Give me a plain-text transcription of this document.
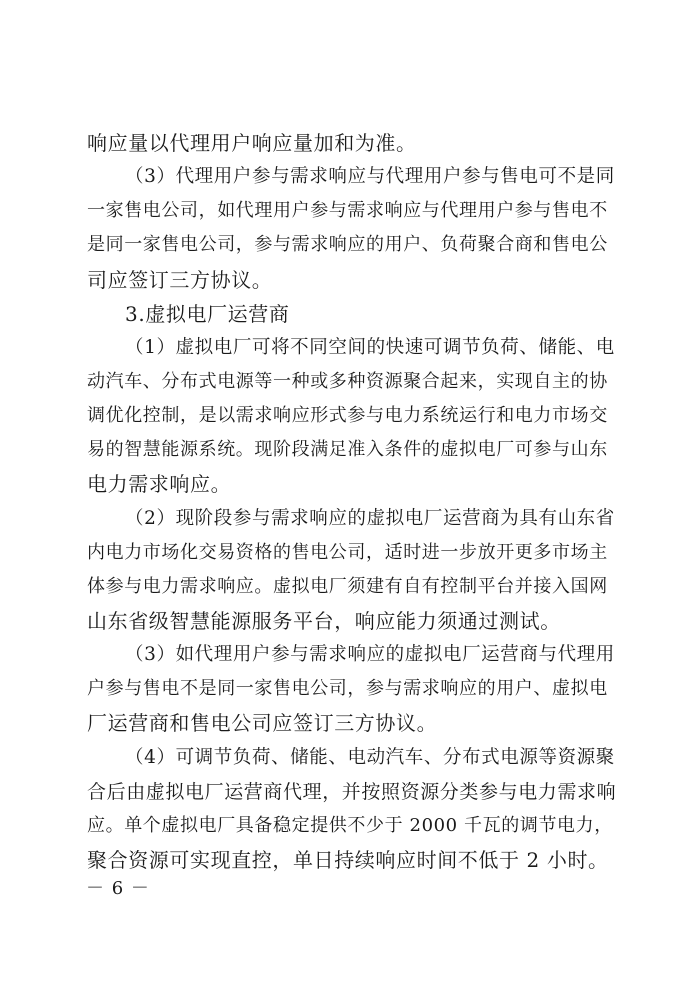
响应量以代理用户响应量加和为准。
（3）代理用户参与需求响应与代理用户参与售电可不是同
一家售电公司，如代理用户参与需求响应与代理用户参与售电不
是同一家售电公司，参与需求响应的用户、负荷聚合商和售电公
司应签订三方协议。
3.虚拟电厂运营商
（1）虚拟电厂可将不同空间的快速可调节负荷、储能、电
动汽车、分布式电源等一种或多种资源聚合起来，实现自主的协
调优化控制，是以需求响应形式参与电力系统运行和电力市场交
易的智慧能源系统。现阶段满足准入条件的虚拟电厂可参与山东
电力需求响应。
（2）现阶段参与需求响应的虚拟电厂运营商为具有山东省
内电力市场化交易资格的售电公司，适时进一步放开更多市场主
体参与电力需求响应。虚拟电厂须建有自有控制平台并接入国网
山东省级智慧能源服务平台，响应能力须通过测试。
（3）如代理用户参与需求响应的虚拟电厂运营商与代理用
户参与售电不是同一家售电公司，参与需求响应的用户、虚拟电
厂运营商和售电公司应签订三方协议。
（4）可调节负荷、储能、电动汽车、分布式电源等资源聚
合后由虚拟电厂运营商代理，并按照资源分类参与电力需求响
应。单个虚拟电厂具备稳定提供不少于 2000 千瓦的调节电力，
聚合资源可实现直控，单日持续响应时间不低于 2 小时。
－ 6 －
